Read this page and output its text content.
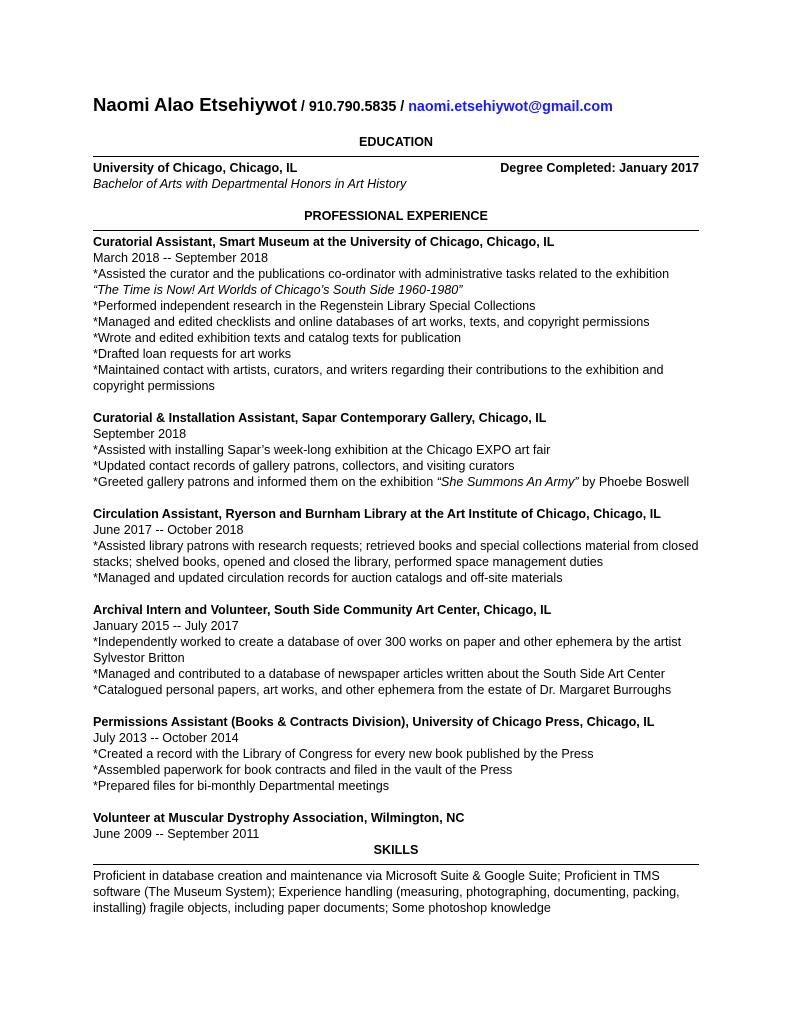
Naomi Alao Etsehiywot / 910.790.5835 / naomi.etsehiywot@gmail.com
EDUCATION
University of Chicago, Chicago, IL	Degree Completed: January 2017
Bachelor of Arts with Departmental Honors in Art History
PROFESSIONAL EXPERIENCE
Curatorial Assistant, Smart Museum at the University of Chicago, Chicago, IL
March 2018 -- September 2018
*Assisted the curator and the publications co-ordinator with administrative tasks related to the exhibition
“The Time is Now! Art Worlds of Chicago’s South Side 1960-1980”
*Performed independent research in the Regenstein Library Special Collections
*Managed and edited checklists and online databases of art works, texts, and copyright permissions
*Wrote and edited exhibition texts and catalog texts for publication
*Drafted loan requests for art works
*Maintained contact with artists, curators, and writers regarding their contributions to the exhibition and copyright permissions
Curatorial & Installation Assistant, Sapar Contemporary Gallery, Chicago, IL
September 2018
*Assisted with installing Sapar’s week-long exhibition at the Chicago EXPO art fair
*Updated contact records of gallery patrons, collectors, and visiting curators
*Greeted gallery patrons and informed them on the exhibition “She Summons An Army” by Phoebe Boswell
Circulation Assistant, Ryerson and Burnham Library at the Art Institute of Chicago, Chicago, IL
June 2017 -- October 2018
*Assisted library patrons with research requests; retrieved books and special collections material from closed stacks; shelved books, opened and closed the library, performed space management duties
*Managed and updated circulation records for auction catalogs and off-site materials
Archival Intern and Volunteer, South Side Community Art Center, Chicago, IL
January 2015 -- July 2017
*Independently worked to create a database of over 300 works on paper and other ephemera by the artist Sylvestor Britton
*Managed and contributed to a database of newspaper articles written about the South Side Art Center
*Catalogued personal papers, art works, and other ephemera from the estate of Dr. Margaret Burroughs
Permissions Assistant (Books & Contracts Division), University of Chicago Press, Chicago, IL
July 2013 -- October 2014
*Created a record with the Library of Congress for every new book published by the Press
*Assembled paperwork for book contracts and filed in the vault of the Press
*Prepared files for bi-monthly Departmental meetings
Volunteer at Muscular Dystrophy Association, Wilmington, NC
June 2009 -- September 2011
SKILLS
Proficient in database creation and maintenance via Microsoft Suite & Google Suite; Proficient in TMS software (The Museum System); Experience handling (measuring, photographing, documenting, packing, installing) fragile objects, including paper documents; Some photoshop knowledge
